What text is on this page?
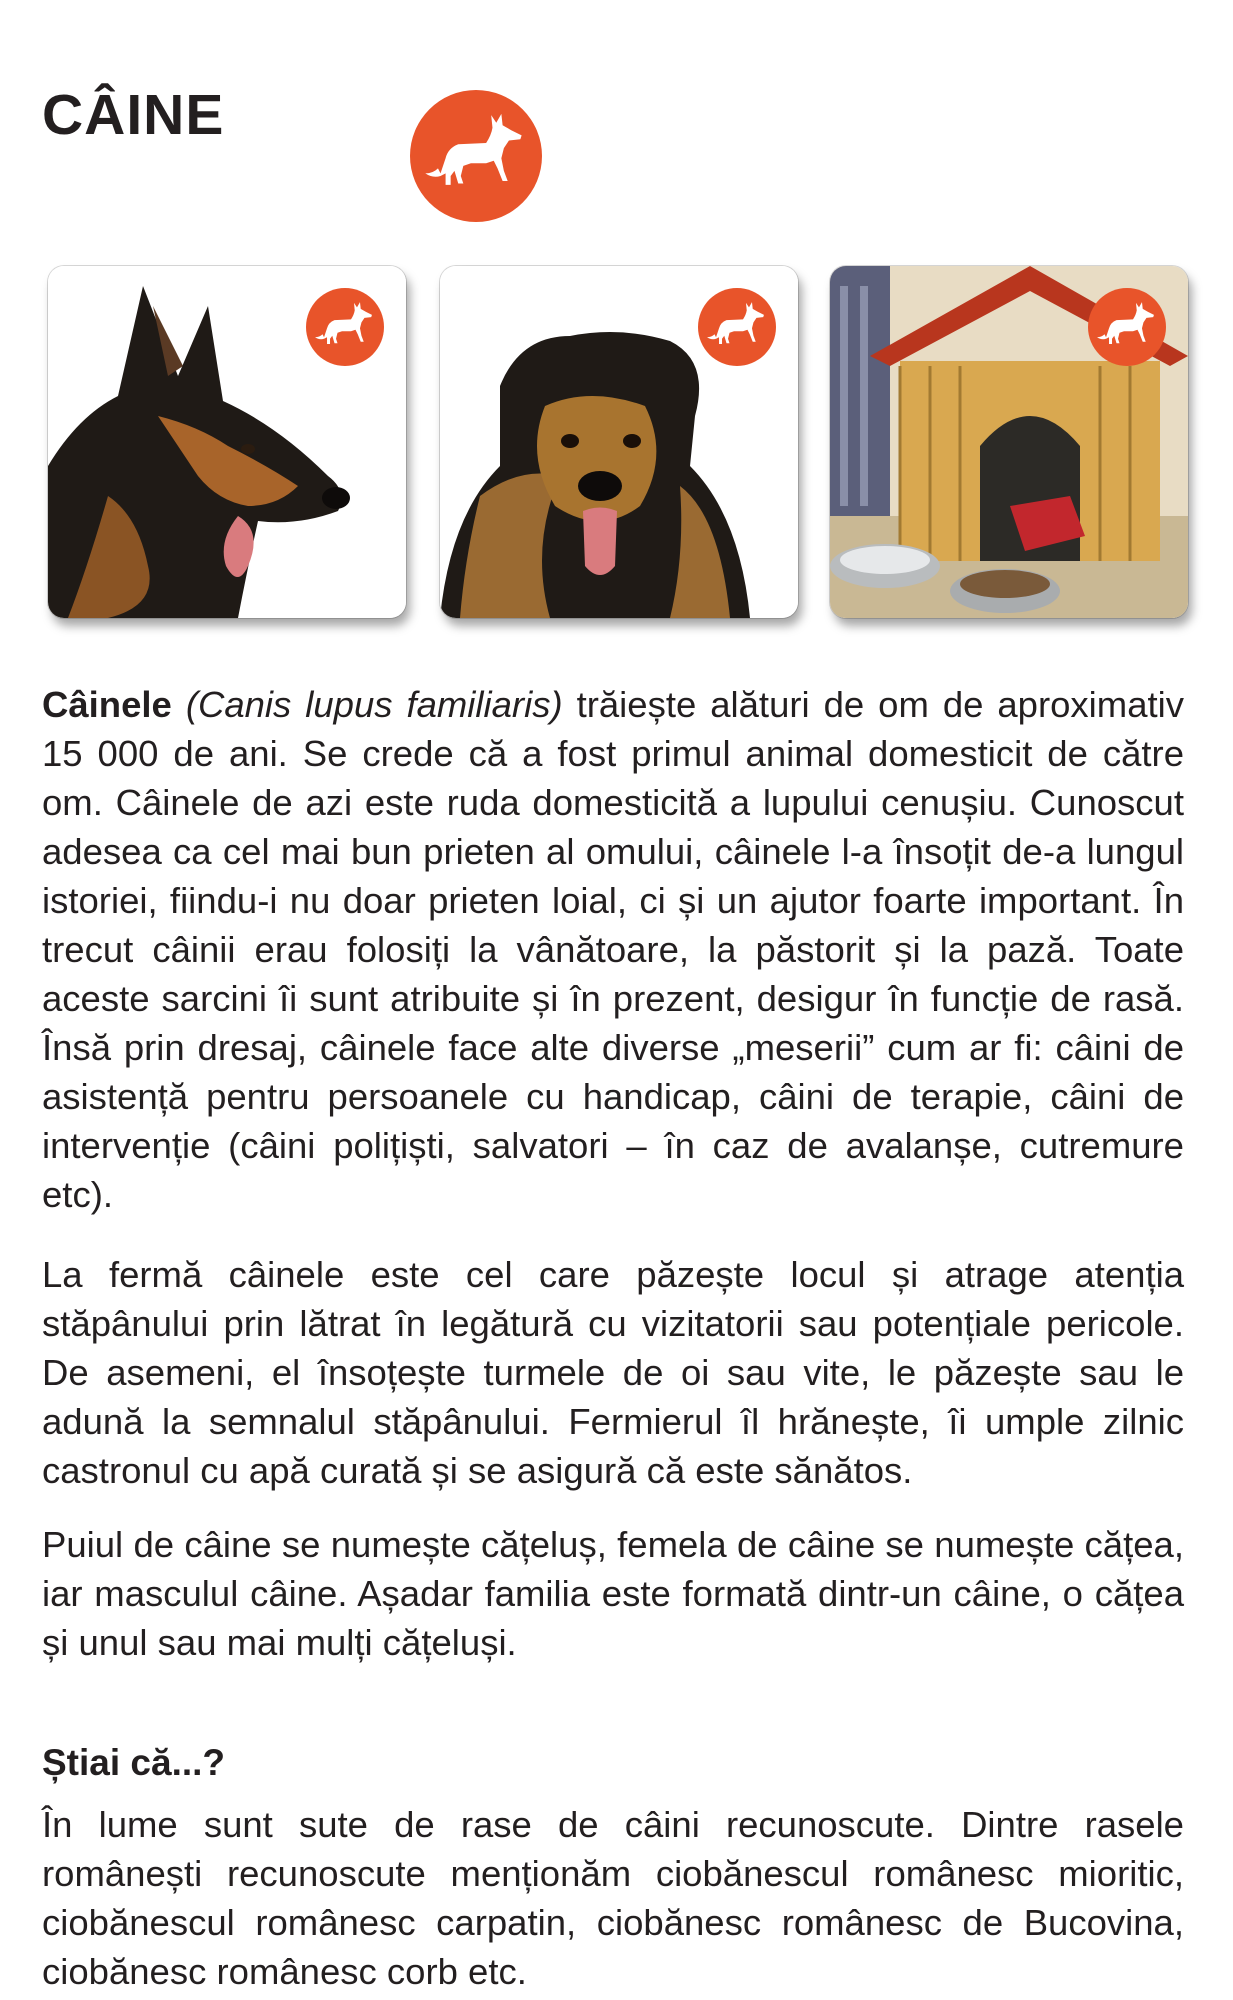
CÂINE

Câinele (Canis lupus familiaris) trăiește alături de om de aproximativ 15 000 de ani. Se crede că a fost primul animal domesticit de către om. Câinele de azi este ruda domesticită a lupului cenușiu. Cunoscut adesea ca cel mai bun prieten al omului, câinele l-a însoțit de-a lungul istoriei, fiindu-i nu doar prieten loial, ci și un ajutor foarte important. În trecut câinii erau folosiți la vânătoare, la păstorit și la pază. Toate aceste sarcini îi sunt atribuite și în prezent, desigur în funcție de rasă. Însă prin dresaj, câinele face alte diverse „meserii” cum ar fi: câini de asistență pentru persoanele cu handicap, câini de terapie, câini de intervenție (câini polițiști, salvatori – în caz de avalanșe, cutremure etc).

La fermă câinele este cel care păzește locul și atrage atenția stăpânului prin lătrat în legătură cu vizitatorii sau potențiale pericole. De asemeni, el însoțește turmele de oi sau vite, le păzește sau le adună la semnalul stăpânului. Fermierul îl hrănește, îi umple zilnic castronul cu apă curată și se asigură că este sănătos.

Puiul de câine se numește cățeluș, femela de câine se numește cățea, iar masculul câine. Așadar familia este formată dintr-un câine, o cățea și unul sau mai mulți cățeluși.

Știai că...?

În lume sunt sute de rase de câini recunoscute. Dintre rasele românești recunoscute menționăm ciobănescul românesc mioritic, ciobănescul românesc carpatin, ciobănesc românesc de Bucovina, ciobănesc românesc corb etc.
